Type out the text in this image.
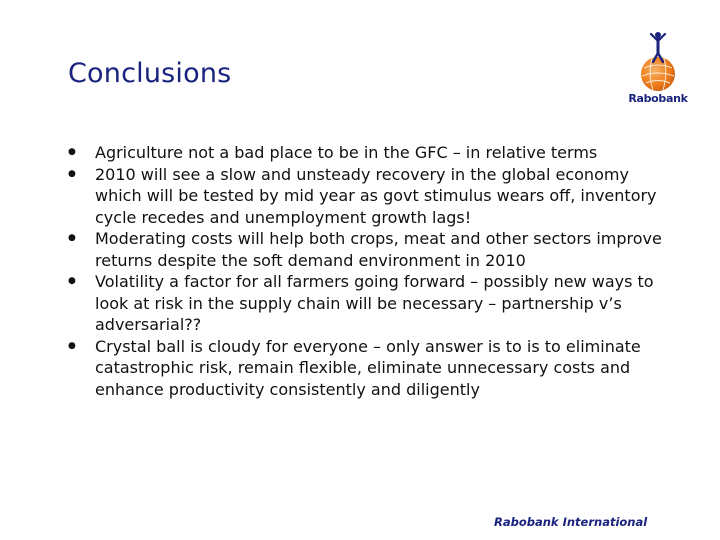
Conclusions
Rabobank
●	Agriculture not a bad place to be in the GFC – in relative terms
●	2010 will see a slow and unsteady recovery in the global economy which will be tested by mid year as govt stimulus wears off, inventory cycle recedes and unemployment growth lags!
●	Moderating costs will help both crops, meat and other sectors improve returns despite the soft demand environment in 2010
●	Volatility a factor for all farmers going forward – possibly new ways to look at risk in the supply chain will be necessary – partnership v’s adversarial??
●	Crystal ball is cloudy for everyone – only answer is to is to eliminate catastrophic risk, remain flexible, eliminate unnecessary costs and enhance productivity consistently and diligently
Rabobank International
